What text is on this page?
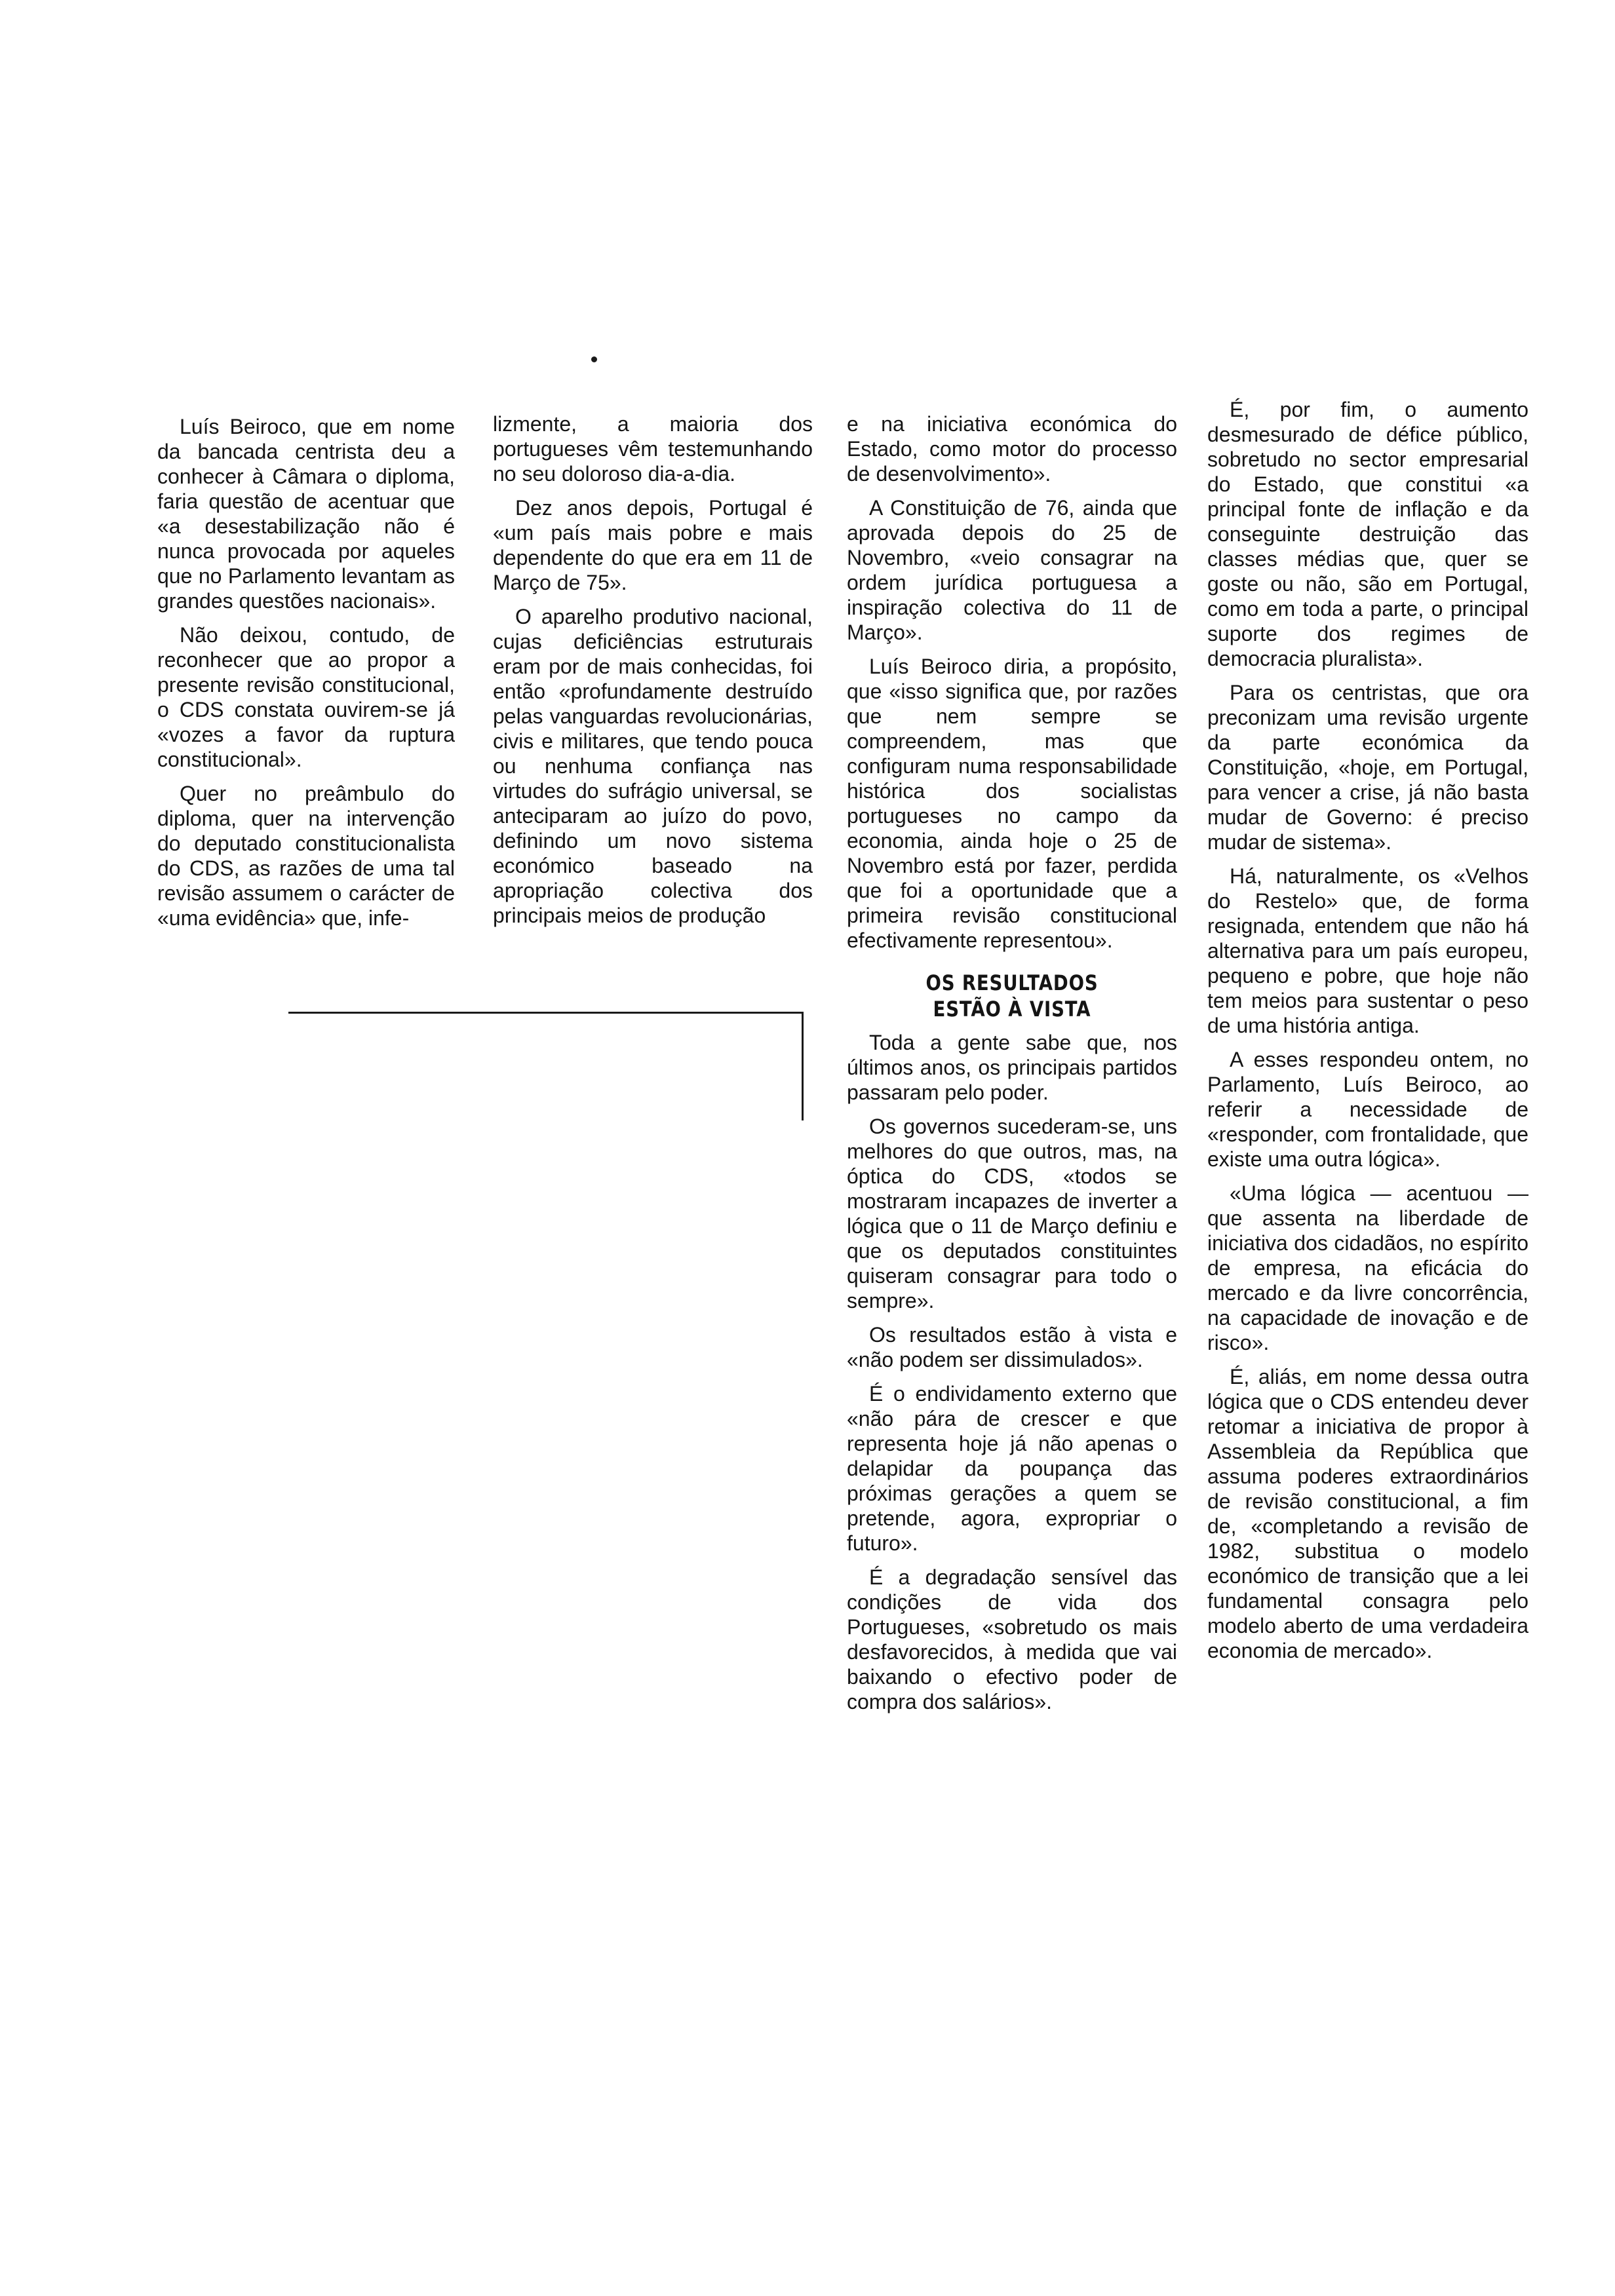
Luís Beiroco, que em nome da bancada centrista deu a conhecer à Câmara o diploma, faria questão de acentuar que «a desestabilização não é nunca provocada por aqueles que no Parlamento levantam as grandes questões nacionais».

Não deixou, contudo, de reconhecer que ao propor a presente revisão constitucional, o CDS constata ouvirem-se já «vozes a favor da ruptura constitucional».

Quer no preâmbulo do diploma, quer na intervenção do deputado constitucionalista do CDS, as razões de uma tal revisão assumem o carácter de «uma evidência» que, infe-

lizmente, a maioria dos portugueses vêm testemunhando no seu doloroso dia-a-dia.

Dez anos depois, Portugal é «um país mais pobre e mais dependente do que era em 11 de Março de 75».

O aparelho produtivo nacional, cujas deficiências estruturais eram por de mais conhecidas, foi então «profundamente destruído pelas vanguardas revolucionárias, civis e militares, que tendo pouca ou nenhuma confiança nas virtudes do sufrágio universal, se anteciparam ao juízo do povo, definindo um novo sistema económico baseado na apropriação colectiva dos principais meios de produção

e na iniciativa económica do Estado, como motor do processo de desenvolvimento».

A Constituição de 76, ainda que aprovada depois do 25 de Novembro, «veio consagrar na ordem jurídica portuguesa a inspiração colectiva do 11 de Março».

Luís Beiroco diria, a propósito, que «isso significa que, por razões que nem sempre se compreendem, mas que configuram numa responsabilidade histórica dos socialistas portugueses no campo da economia, ainda hoje o 25 de Novembro está por fazer, perdida que foi a oportunidade que a primeira revisão constitucional efectivamente representou».

OS RESULTADOS
ESTÃO À VISTA

Toda a gente sabe que, nos últimos anos, os principais partidos passaram pelo poder.

Os governos sucederam-se, uns melhores do que outros, mas, na óptica do CDS, «todos se mostraram incapazes de inverter a lógica que o 11 de Março definiu e que os deputados constituintes quiseram consagrar para todo o sempre».

Os resultados estão à vista e «não podem ser dissimulados».

É o endividamento externo que «não pára de crescer e que representa hoje já não apenas o delapidar da poupança das próximas gerações a quem se pretende, agora, expropriar o futuro».

É a degradação sensível das condições de vida dos Portugueses, «sobretudo os mais desfavorecidos, à medida que vai baixando o efectivo poder de compra dos salários».

É, por fim, o aumento desmesurado de défice público, sobretudo no sector empresarial do Estado, que constitui «a principal fonte de inflação e da conseguinte destruição das classes médias que, quer se goste ou não, são em Portugal, como em toda a parte, o principal suporte dos regimes de democracia pluralista».

Para os centristas, que ora preconizam uma revisão urgente da parte económica da Constituição, «hoje, em Portugal, para vencer a crise, já não basta mudar de Governo: é preciso mudar de sistema».

Há, naturalmente, os «Velhos do Restelo» que, de forma resignada, entendem que não há alternativa para um país europeu, pequeno e pobre, que hoje não tem meios para sustentar o peso de uma história antiga.

A esses respondeu ontem, no Parlamento, Luís Beiroco, ao referir a necessidade de «responder, com frontalidade, que existe uma outra lógica».

«Uma lógica — acentuou — que assenta na liberdade de iniciativa dos cidadãos, no espírito de empresa, na eficácia do mercado e da livre concorrência, na capacidade de inovação e de risco».

É, aliás, em nome dessa outra lógica que o CDS entendeu dever retomar a iniciativa de propor à Assembleia da República que assuma poderes extraordinários de revisão constitucional, a fim de, «completando a revisão de 1982, substitua o modelo económico de transição que a lei fundamental consagra pelo modelo aberto de uma verdadeira economia de mercado».
